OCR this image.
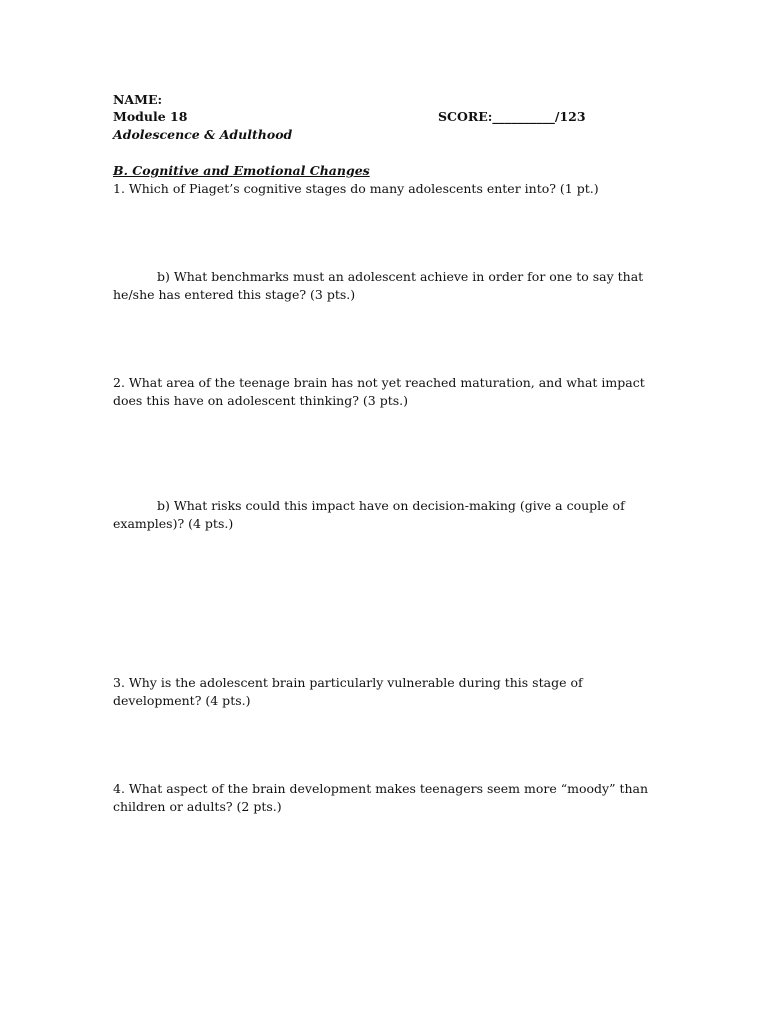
NAME:

Module 18	SCORE:__________/123

Adolescence & Adulthood

B. Cognitive and Emotional Changes

1. Which of Piaget’s cognitive stages do many adolescents enter into? (1 pt.)

b) What benchmarks must an adolescent achieve in order for one to say that he/she has entered this stage? (3 pts.)

2. What area of the teenage brain has not yet reached maturation, and what impact does this have on adolescent thinking? (3 pts.)

b) What risks could this impact have on decision-making (give a couple of examples)? (4 pts.)

3. Why is the adolescent brain particularly vulnerable during this stage of development? (4 pts.)

4. What aspect of the brain development makes teenagers seem more “moody” than children or adults? (2 pts.)
